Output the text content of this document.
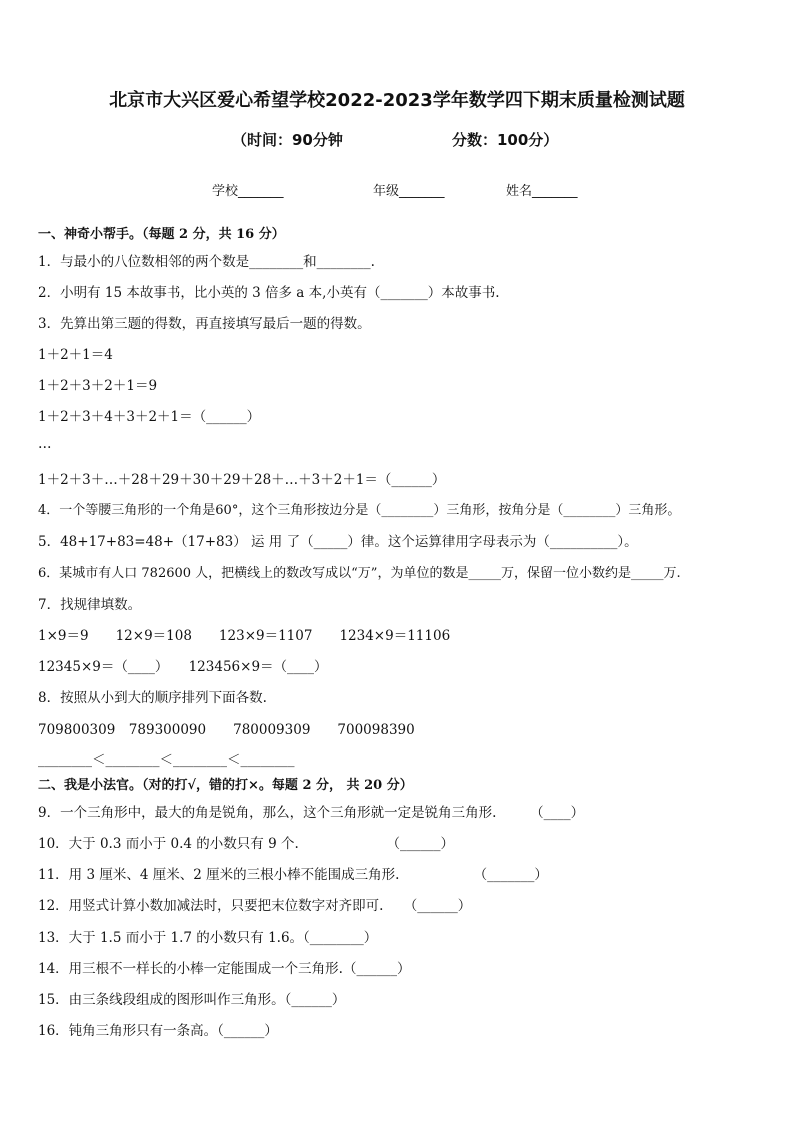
北京市大兴区爱心希望学校2022-2023学年数学四下期末质量检测试题
（时间：90分钟	分数：100分）
学校_______	年级_______	姓名_______
一、神奇小帮手。（每题 2 分，共 16 分）
1．与最小的八位数相邻的两个数是________和________.
2．小明有 15 本故事书，比小英的 3 倍多 a 本,小英有（_______）本故事书.
3．先算出第三题的得数，再直接填写最后一题的得数。
1＋2＋1＝4
1＋2＋3＋2＋1＝9
1＋2＋3＋4＋3＋2＋1＝（______）
…
1＋2＋3＋…＋28＋29＋30＋29＋28＋…＋3＋2＋1＝（______）
4．一个等腰三角形的一个角是60°，这个三角形按边分是（________）三角形，按角分是（________）三角形。
5．48+17+83=48+（17+83） 运 用 了（_____）律。这个运算律用字母表示为（__________）。
6．某城市有人口 782600 人，把横线上的数改写成以“万”，为单位的数是_____万，保留一位小数约是_____万.
7．找规律填数。
1×9＝9　　12×9＝108　　123×9＝1107　　1234×9＝11106
12345×9＝（____）　　123456×9＝（____）
8．按照从小到大的顺序排列下面各数.
709800309　789300090　　780009309　　700098390
________＜________＜________＜________
二、我是小法官。（对的打√，错的打×。每题 2 分， 共 20 分）
9．一个三角形中，最大的角是锐角，那么，这个三角形就一定是锐角三角形.　　　（____）
10．大于 0.3 而小于 0.4 的小数只有 9 个.　　　　　　　（______）
11．用 3 厘米、4 厘米、2 厘米的三根小棒不能围成三角形.　　　　　　（_______）
12．用竖式计算小数加减法时，只要把末位数字对齐即可.　　（______）
13．大于 1.5 而小于 1.7 的小数只有 1.6。（________）
14．用三根不一样长的小棒一定能围成一个三角形.（______）
15．由三条线段组成的图形叫作三角形。（______）
16．钝角三角形只有一条高。（______）
